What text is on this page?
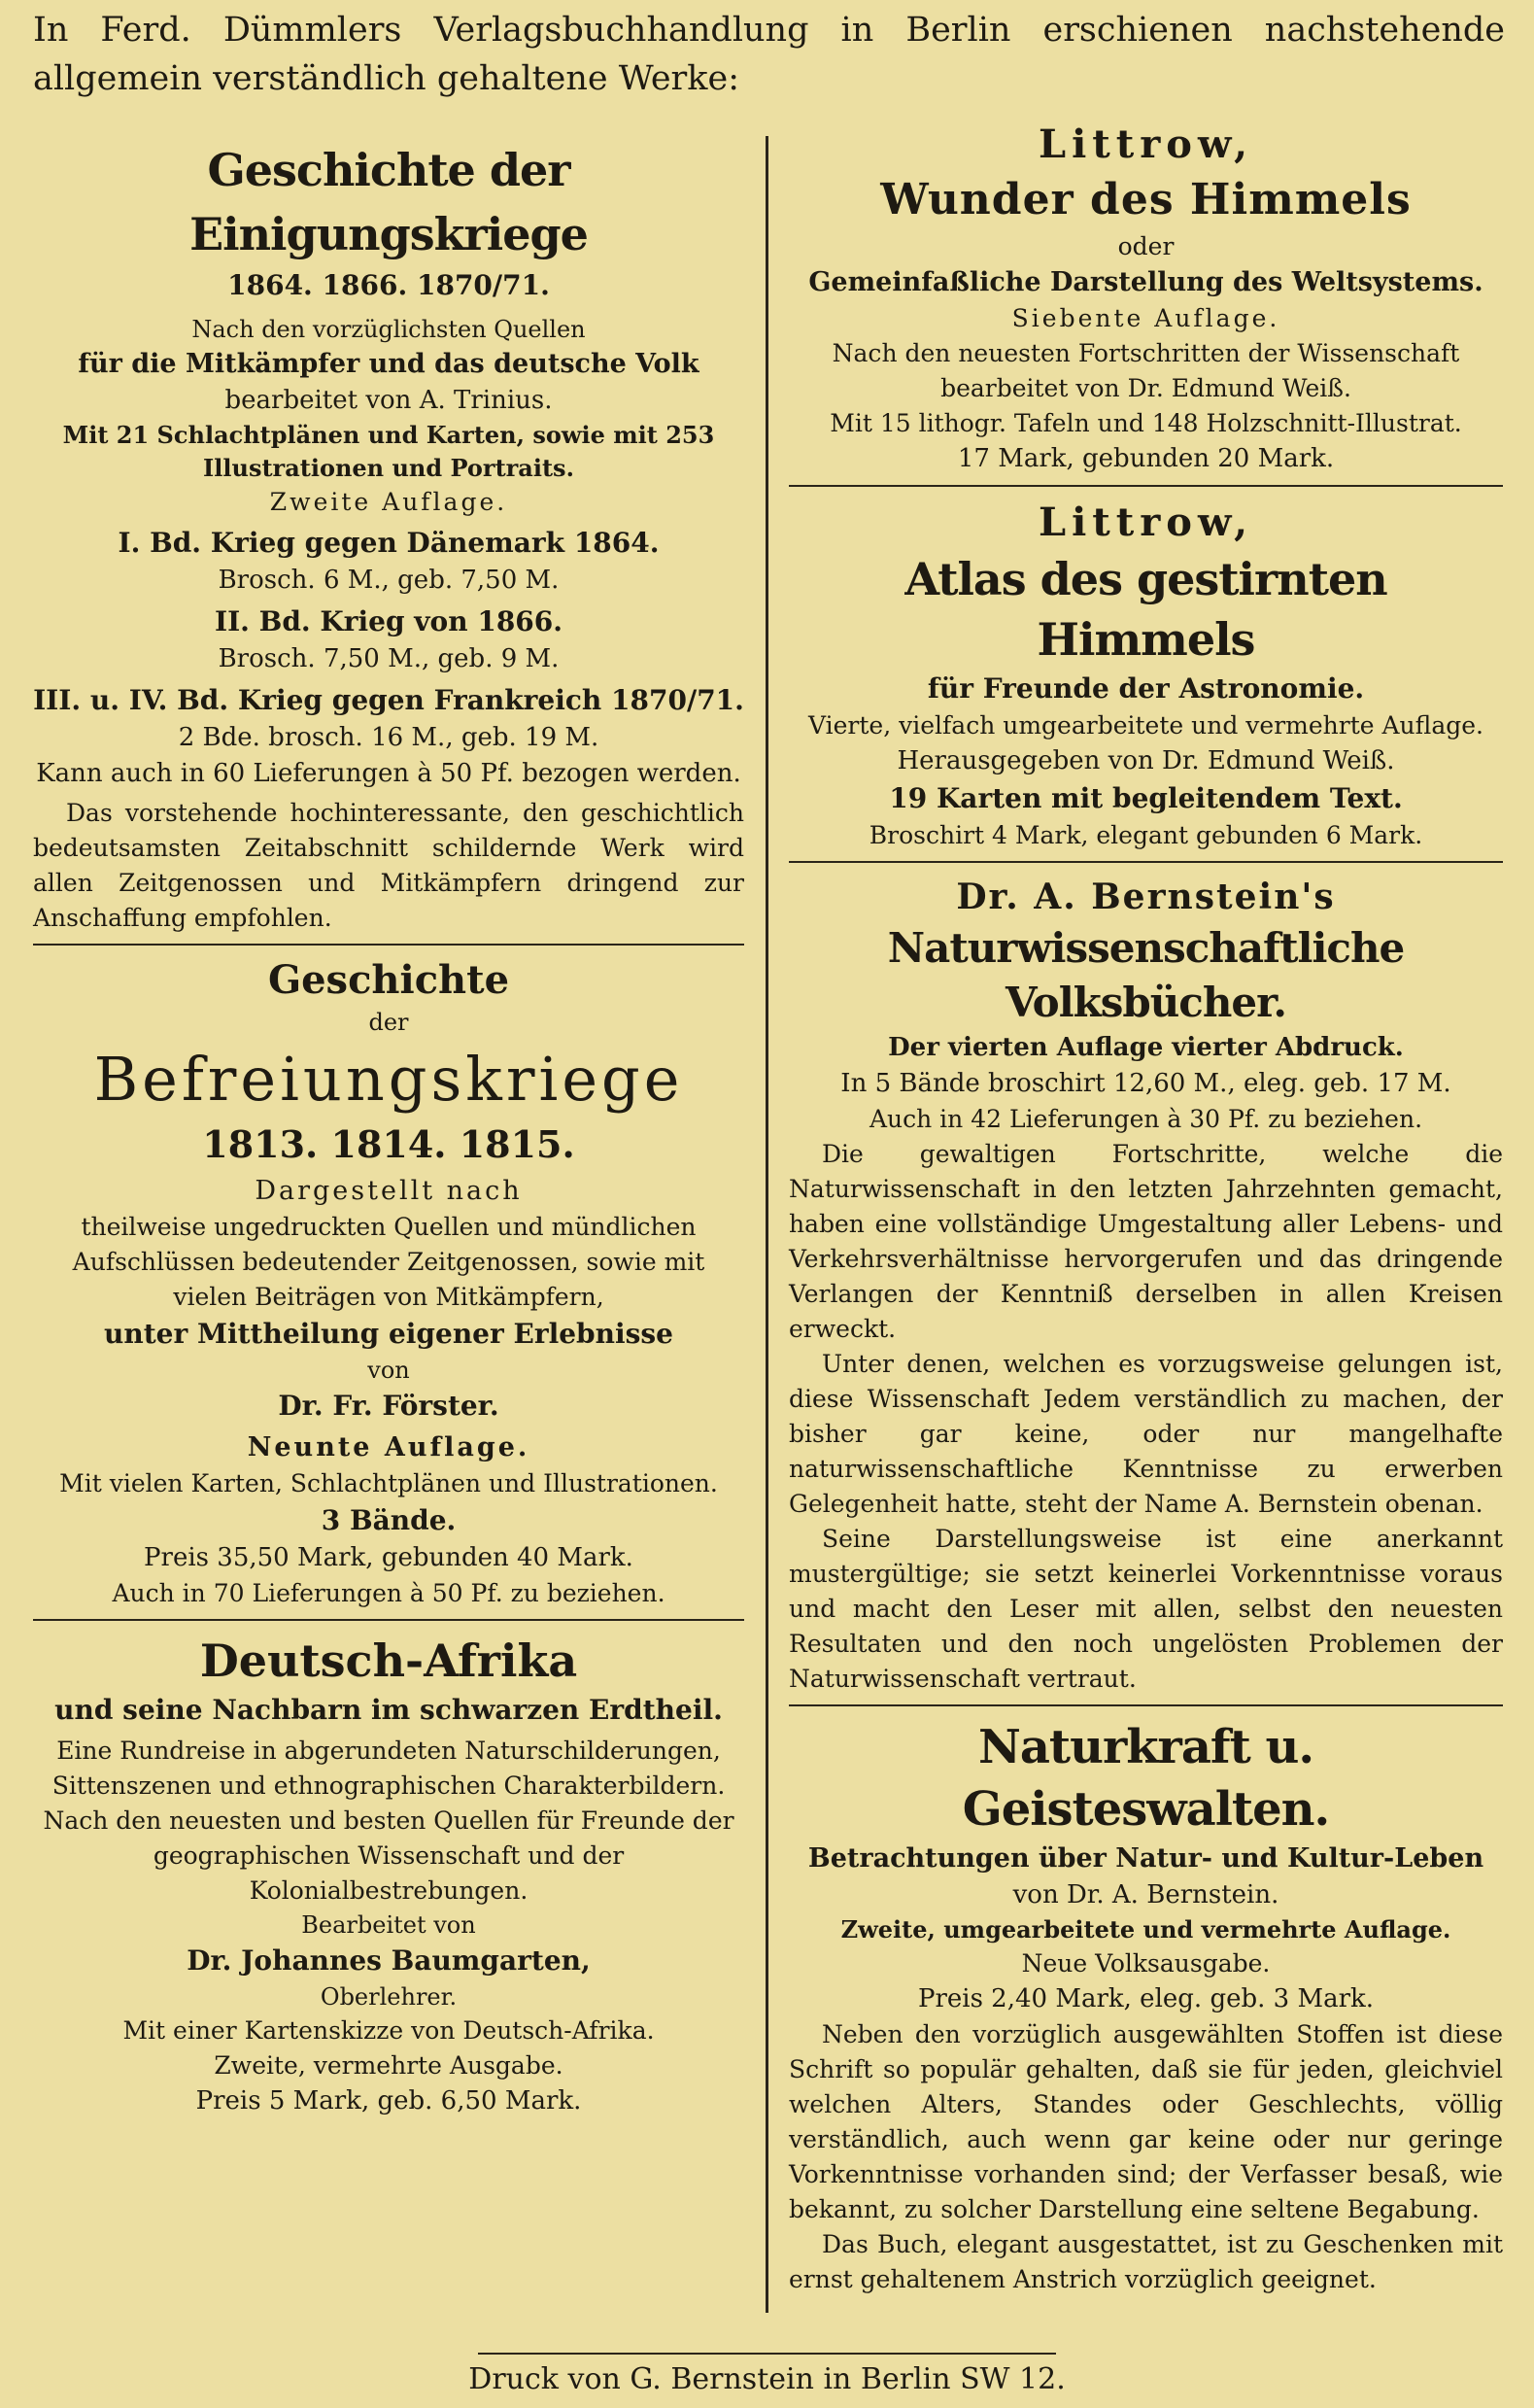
In Ferd. Dümmlers Verlagsbuchhandlung in Berlin erschienen nachstehende allgemein verständlich gehaltene Werke:
Geschichte der Einigungskriege
1864. 1866. 1870/71.
Nach den vorzüglichsten Quellen
für die Mitkämpfer und das deutsche Volk
bearbeitet von A. Trinius.
Mit 21 Schlachtplänen und Karten, sowie mit 253 Illustrationen und Portraits.
Zweite Auflage.
I. Bd. Krieg gegen Dänemark 1864.
Brosch. 6 M., geb. 7,50 M.
II. Bd. Krieg von 1866.
Brosch. 7,50 M., geb. 9 M.
III. u. IV. Bd. Krieg gegen Frankreich 1870/71.
2 Bde. brosch. 16 M., geb. 19 M.
Kann auch in 60 Lieferungen à 50 Pf. bezogen werden.
Das vorstehende hochinteressante, den geschichtlich bedeutsamsten Zeitabschnitt schildernde Werk wird allen Zeitgenossen und Mitkämpfern dringend zur Anschaffung empfohlen.
Geschichte
der
Befreiungskriege
1813. 1814. 1815.
Dargestellt nach
theilweise ungedruckten Quellen und mündlichen Aufschlüssen bedeutender Zeitgenossen, sowie mit vielen Beiträgen von Mitkämpfern,
unter Mittheilung eigener Erlebnisse
von
Dr. Fr. Förster.
Neunte Auflage.
Mit vielen Karten, Schlachtplänen und Illustrationen.
3 Bände.
Preis 35,50 Mark, gebunden 40 Mark.
Auch in 70 Lieferungen à 50 Pf. zu beziehen.
Deutsch-Afrika
und seine Nachbarn im schwarzen Erdtheil.
Eine Rundreise in abgerundeten Naturschilderungen, Sittenszenen und ethnographischen Charakterbildern.
Nach den neuesten und besten Quellen für Freunde der geographischen Wissenschaft und der Kolonialbestrebungen.
Bearbeitet von
Dr. Johannes Baumgarten,
Oberlehrer.
Mit einer Kartenskizze von Deutsch-Afrika.
Zweite, vermehrte Ausgabe.
Preis 5 Mark, geb. 6,50 Mark.
Littrow,
Wunder des Himmels
oder
Gemeinfaßliche Darstellung des Weltsystems.
Siebente Auflage.
Nach den neuesten Fortschritten der Wissenschaft bearbeitet von Dr. Edmund Weiß.
Mit 15 lithogr. Tafeln und 148 Holzschnitt-Illustrat.
17 Mark, gebunden 20 Mark.
Littrow,
Atlas des gestirnten Himmels
für Freunde der Astronomie.
Vierte, vielfach umgearbeitete und vermehrte Auflage.
Herausgegeben von Dr. Edmund Weiß.
19 Karten mit begleitendem Text.
Broschirt 4 Mark, elegant gebunden 6 Mark.
Dr. A. Bernstein's
Naturwissenschaftliche Volksbücher.
Der vierten Auflage vierter Abdruck.
In 5 Bände broschirt 12,60 M., eleg. geb. 17 M.
Auch in 42 Lieferungen à 30 Pf. zu beziehen.
Die gewaltigen Fortschritte, welche die Naturwissenschaft in den letzten Jahrzehnten gemacht, haben eine vollständige Umgestaltung aller Lebens- und Verkehrsverhältnisse hervorgerufen und das dringende Verlangen der Kenntniß derselben in allen Kreisen erweckt.
Unter denen, welchen es vorzugsweise gelungen ist, diese Wissenschaft Jedem verständlich zu machen, der bisher gar keine, oder nur mangelhafte naturwissenschaftliche Kenntnisse zu erwerben Gelegenheit hatte, steht der Name A. Bernstein obenan.
Seine Darstellungsweise ist eine anerkannt mustergültige; sie setzt keinerlei Vorkenntnisse voraus und macht den Leser mit allen, selbst den neuesten Resultaten und den noch ungelösten Problemen der Naturwissenschaft vertraut.
Naturkraft u. Geisteswalten.
Betrachtungen über Natur- und Kultur-Leben
von Dr. A. Bernstein.
Zweite, umgearbeitete und vermehrte Auflage.
Neue Volksausgabe.
Preis 2,40 Mark, eleg. geb. 3 Mark.
Neben den vorzüglich ausgewählten Stoffen ist diese Schrift so populär gehalten, daß sie für jeden, gleichviel welchen Alters, Standes oder Geschlechts, völlig verständlich, auch wenn gar keine oder nur geringe Vorkenntnisse vorhanden sind; der Verfasser besaß, wie bekannt, zu solcher Darstellung eine seltene Begabung.
Das Buch, elegant ausgestattet, ist zu Geschenken mit ernst gehaltenem Anstrich vorzüglich geeignet.
Druck von G. Bernstein in Berlin SW 12.
